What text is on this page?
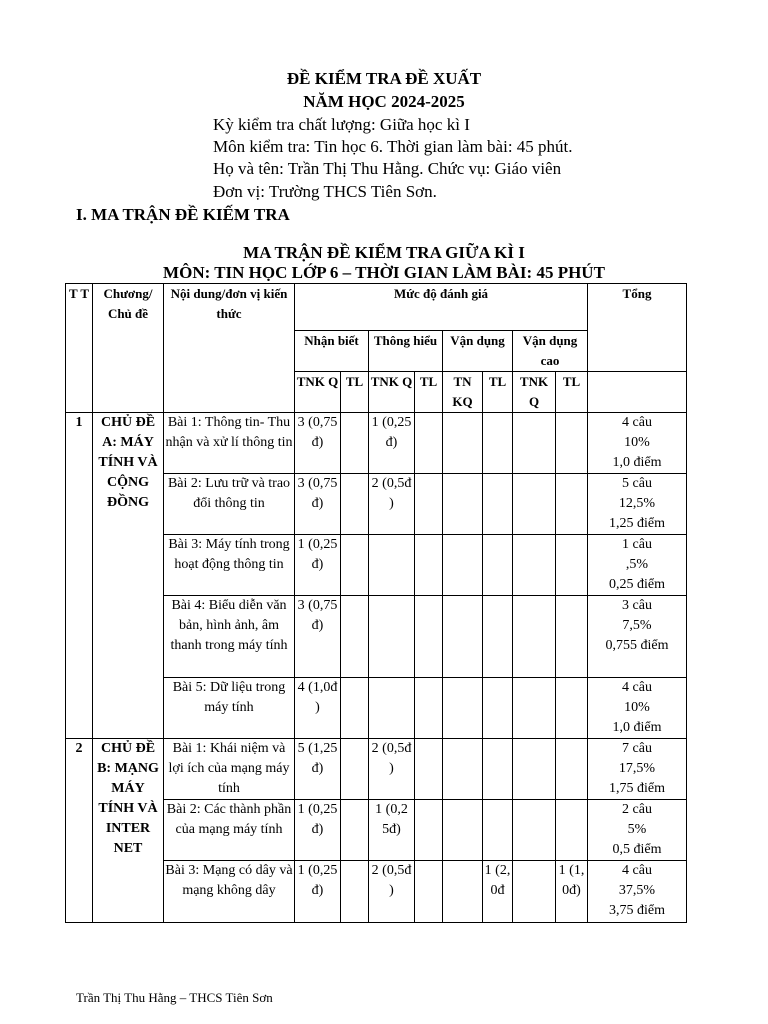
ĐỀ KIỂM TRA ĐỀ XUẤT
NĂM HỌC 2024-2025
Kỳ kiểm tra chất lượng: Giữa học kì I
Môn kiểm tra: Tin học 6. Thời gian làm bài: 45 phút.
Họ và tên: Trần Thị Thu Hằng. Chức vụ: Giáo viên
Đơn vị: Trường THCS Tiên Sơn.
I. MA TRẬN ĐỀ KIẾM TRA
MA TRẬN ĐỀ KIỂM TRA GIỮA KÌ I
MÔN: TIN HỌC LỚP 6 – THỜI GIAN LÀM BÀI: 45 PHÚT
T T	Chương/ Chủ đề	Nội dung/đơn vị kiến thức	Mức độ đánh giá								Tổng
			Nhận biết		Thông hiểu		Vận dụng		Vận dụng cao		
			TNK Q	TL	TNK Q	TL	TN KQ	TL	TNK Q	TL	
1	CHỦ ĐỀ A: MÁY TÍNH VÀ CỘNG ĐỒNG	Bài 1: Thông tin- Thu nhận và xử lí thông tin	3 (0,75 đ)		1 (0,25 đ)						4 câu
10%
1,0 điểm

		Bài 2: Lưu trữ và trao đổi thông tin	3 (0,75 đ)		2 (0,5đ )						5 câu
12,5%
1,25 điểm

		Bài 3: Máy tính trong hoạt động thông tin	1 (0,25 đ)								1 câu
,5%
0,25 điểm

		Bài 4: Biểu diễn văn bản, hình ảnh, âm thanh trong máy tính	3 (0,75 đ)								3 câu
7,5%
0,755 điểm

		Bài 5: Dữ liệu trong máy tính	4 (1,0đ )								4 câu
10%
1,0 điểm

2	CHỦ ĐỀ B: MẠNG MÁY TÍNH VÀ INTER NET	Bài 1: Khái niệm và lợi ích của mạng máy tính	5 (1,25 đ)		2 (0,5đ )						7 câu
17,5%
1,75 điểm

		Bài 2: Các thành phần của mạng máy tính	1 (0,25 đ)		1 (0,2 5đ)						2 câu
5%
0,5 điểm

		Bài 3: Mạng có dây và mạng không dây	1 (0,25 đ)		2 (0,5đ )			1 (2, 0đ		1 (1, 0đ)	4 câu
37,5%
3,75 điểm
Trần Thị Thu Hằng – THCS Tiên Sơn
